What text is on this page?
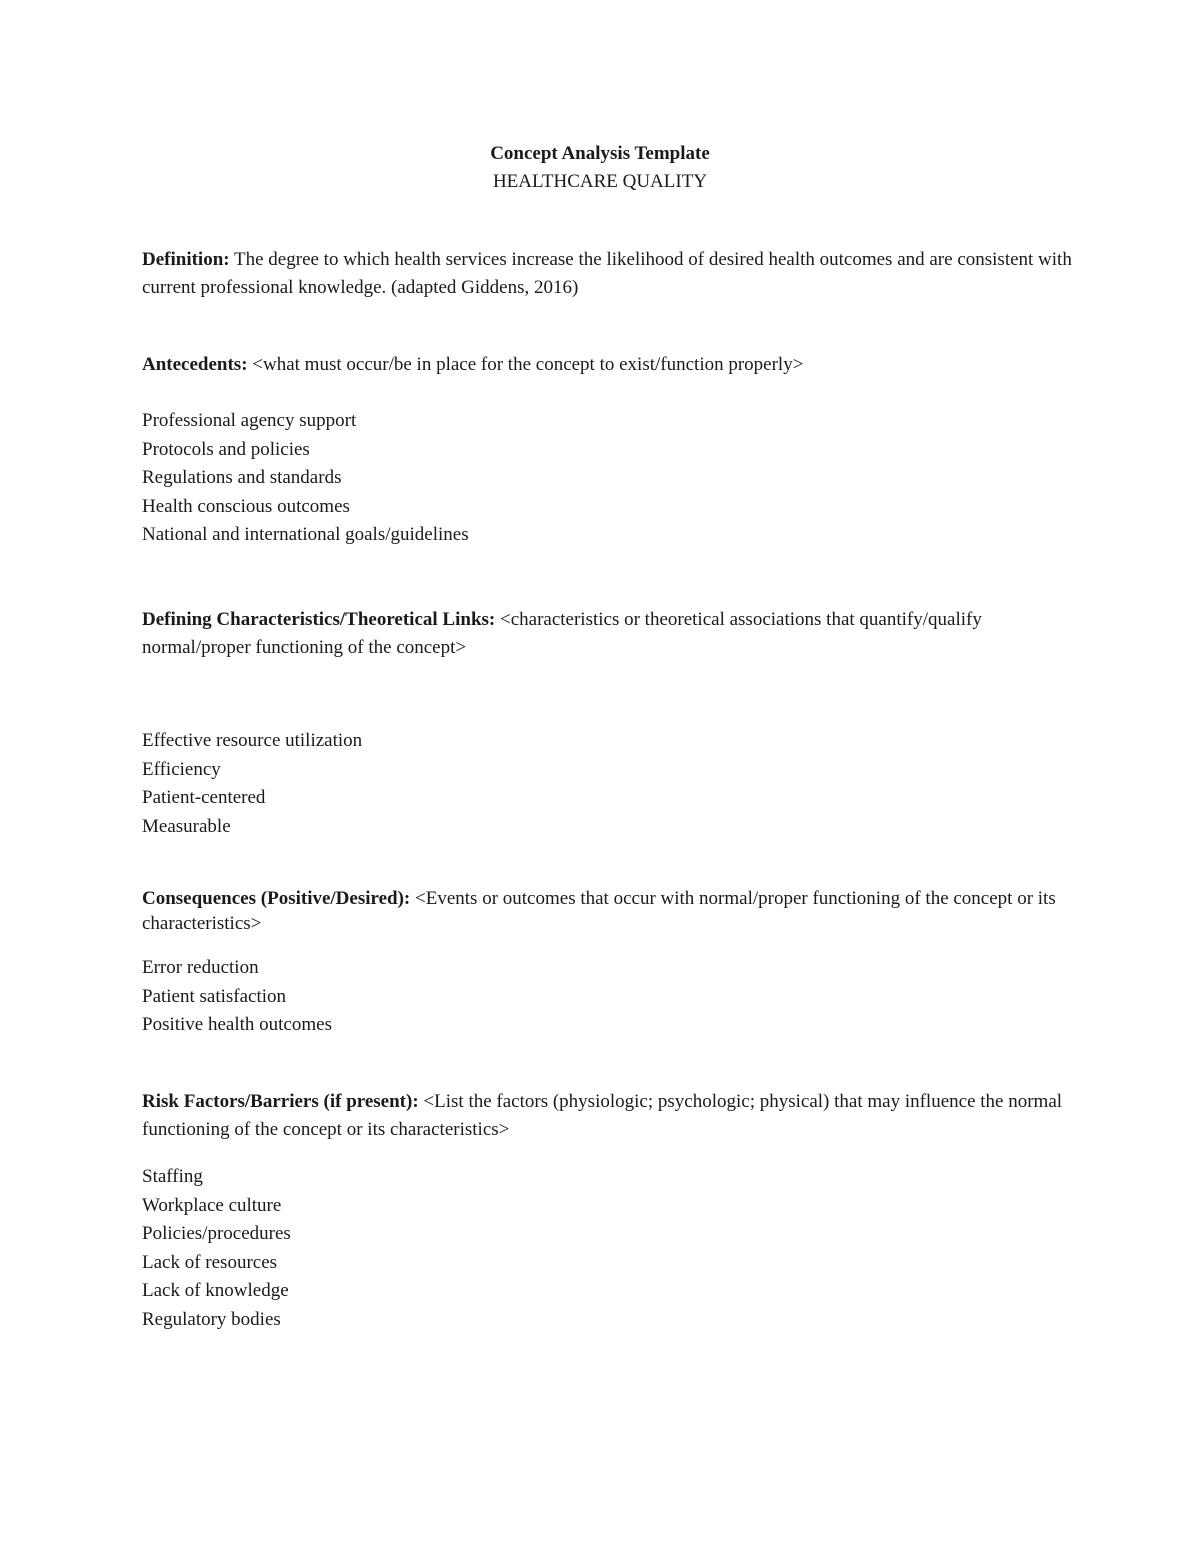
Concept Analysis Template
HEALTHCARE QUALITY

Definition: The degree to which health services increase the likelihood of desired health outcomes and are consistent with current professional knowledge. (adapted Giddens, 2016)

Antecedents: <what must occur/be in place for the concept to exist/function properly>

Professional agency support
Protocols and policies
Regulations and standards
Health conscious outcomes
National and international goals/guidelines

Defining Characteristics/Theoretical Links: <characteristics or theoretical associations that quantify/qualify normal/proper functioning of the concept>

Effective resource utilization
Efficiency
Patient-centered
Measurable

Consequences (Positive/Desired): <Events or outcomes that occur with normal/proper functioning of the concept or its characteristics>

Error reduction
Patient satisfaction
Positive health outcomes

Risk Factors/Barriers (if present): <List the factors (physiologic; psychologic; physical) that may influence the normal functioning of the concept or its characteristics>

Staffing
Workplace culture
Policies/procedures
Lack of resources
Lack of knowledge
Regulatory bodies
